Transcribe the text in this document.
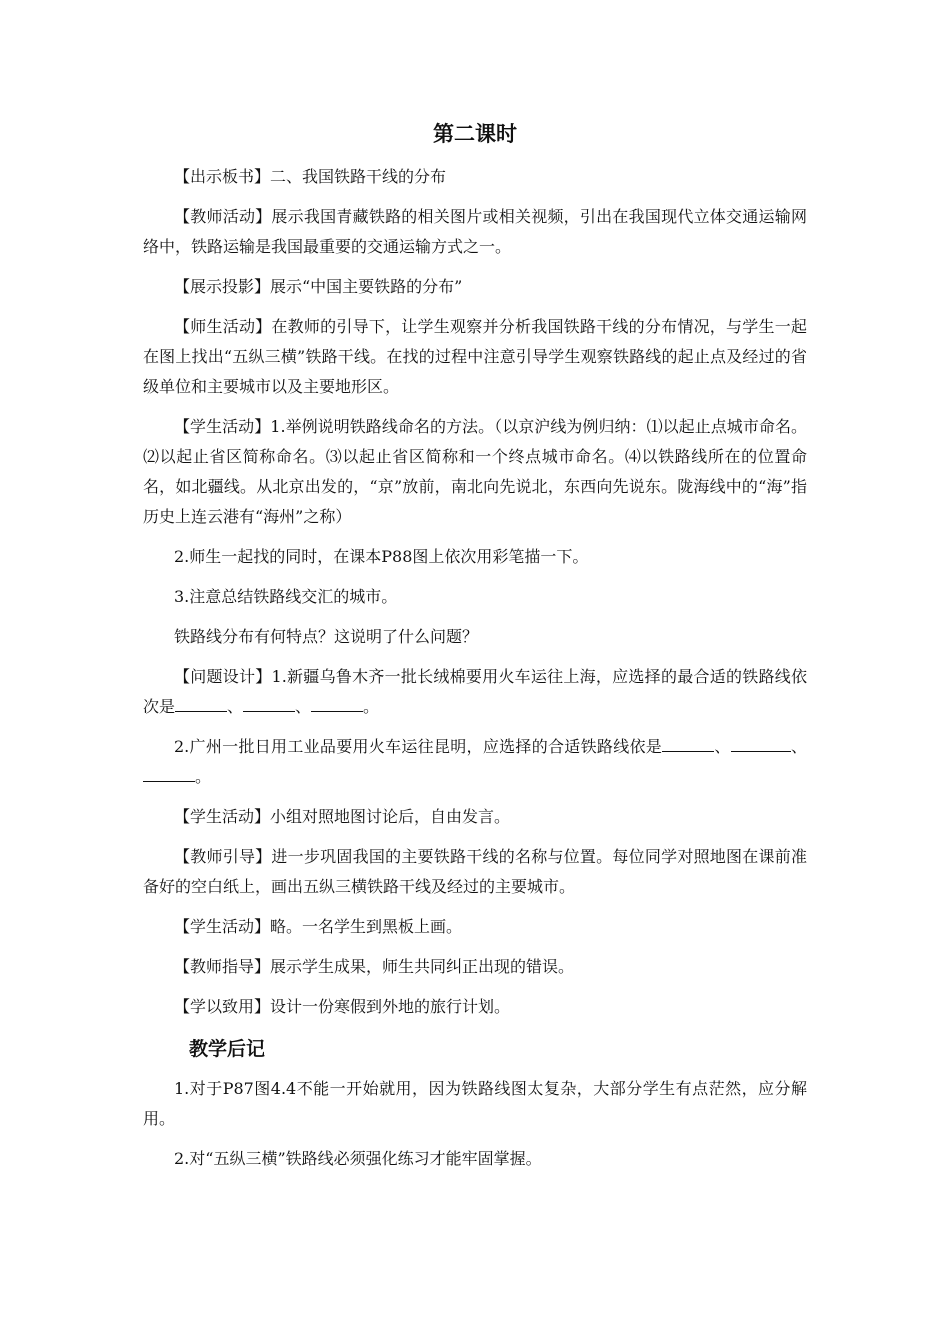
第二课时

【出示板书】二、我国铁路干线的分布

【教师活动】展示我国青藏铁路的相关图片或相关视频，引出在我国现代立体交通运输网络中，铁路运输是我国最重要的交通运输方式之一。

【展示投影】展示“中国主要铁路的分布”

【师生活动】在教师的引导下，让学生观察并分析我国铁路干线的分布情况，与学生一起在图上找出“五纵三横”铁路干线。在找的过程中注意引导学生观察铁路线的起止点及经过的省级单位和主要城市以及主要地形区。

【学生活动】1.举例说明铁路线命名的方法。（以京沪线为例归纳：⑴以起止点城市命名。⑵以起止省区简称命名。⑶以起止省区简称和一个终点城市命名。⑷以铁路线所在的位置命名，如北疆线。从北京出发的，“京”放前，南北向先说北，东西向先说东。陇海线中的“海”指历史上连云港有“海州”之称）

2.师生一起找的同时，在课本P88图上依次用彩笔描一下。

3.注意总结铁路线交汇的城市。

铁路线分布有何特点？这说明了什么问题？

【问题设计】1.新疆乌鲁木齐一批长绒棉要用火车运往上海，应选择的最合适的铁路线依次是	、	、	。

2.广州一批日用工业品要用火车运往昆明，应选择的合适铁路线依是	、	、。

【学生活动】小组对照地图讨论后，自由发言。

【教师引导】进一步巩固我国的主要铁路干线的名称与位置。每位同学对照地图在课前准备好的空白纸上，画出五纵三横铁路干线及经过的主要城市。

【学生活动】略。一名学生到黑板上画。

【教师指导】展示学生成果，师生共同纠正出现的错误。

【学以致用】设计一份寒假到外地的旅行计划。

教学后记

1.对于P87图4.4不能一开始就用，因为铁路线图太复杂，大部分学生有点茫然，应分解用。

2.对“五纵三横”铁路线必须强化练习才能牢固掌握。
